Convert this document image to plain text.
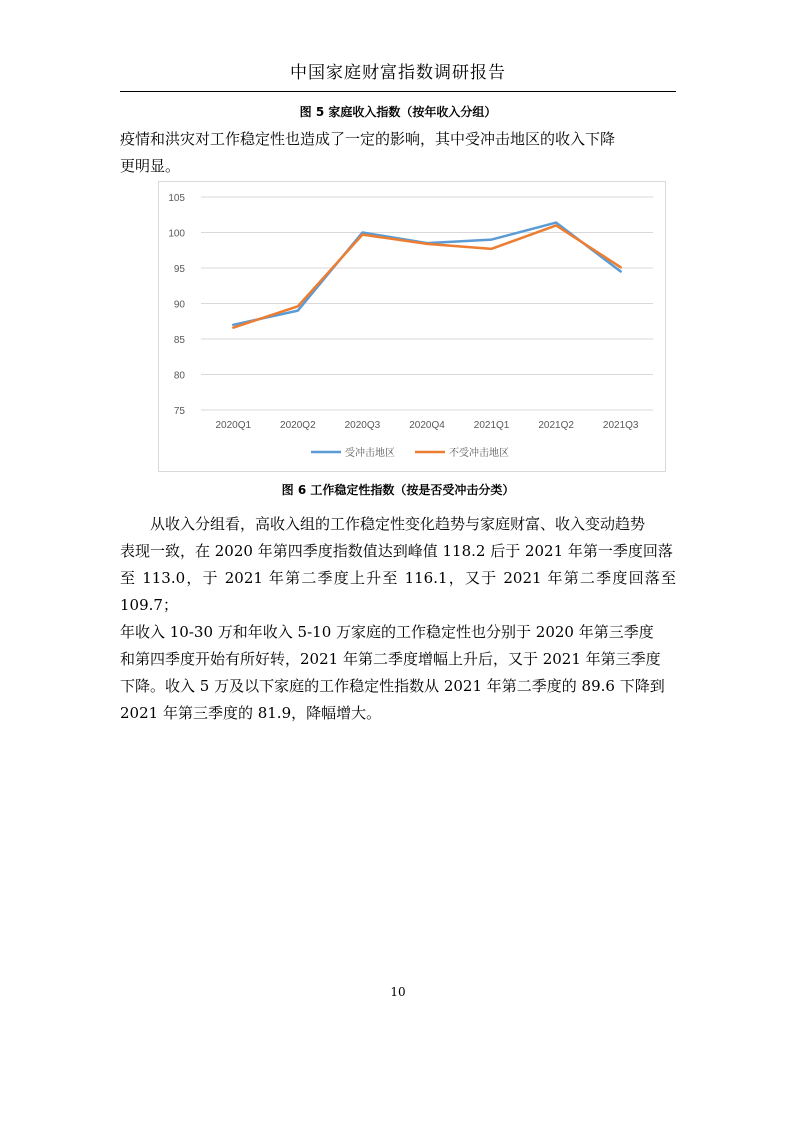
中国家庭财富指数调研报告
图 5 家庭收入指数（按年收入分组）
疫情和洪灾对工作稳定性也造成了一定的影响，其中受冲击地区的收入下降
更明显。
75
80
85
90
95
100
105
2020Q1	2020Q2	2020Q3	2020Q4	2021Q1	2021Q2	2021Q3
受冲击地区	不受冲击地区
图 6 工作稳定性指数（按是否受冲击分类）
从收入分组看，高收入组的工作稳定性变化趋势与家庭财富、收入变动趋势
表现一致，在 2020 年第四季度指数值达到峰值 118.2 后于 2021 年第一季度回落
至 113.0，于 2021 年第二季度上升至 116.1，又于 2021 年第二季度回落至 109.7；
年收入 10-30 万和年收入 5-10 万家庭的工作稳定性也分别于 2020 年第三季度
和第四季度开始有所好转，2021 年第二季度增幅上升后，又于 2021 年第三季度
下降。收入 5 万及以下家庭的工作稳定性指数从 2021 年第二季度的 89.6 下降到
2021 年第三季度的 81.9，降幅增大。
10
